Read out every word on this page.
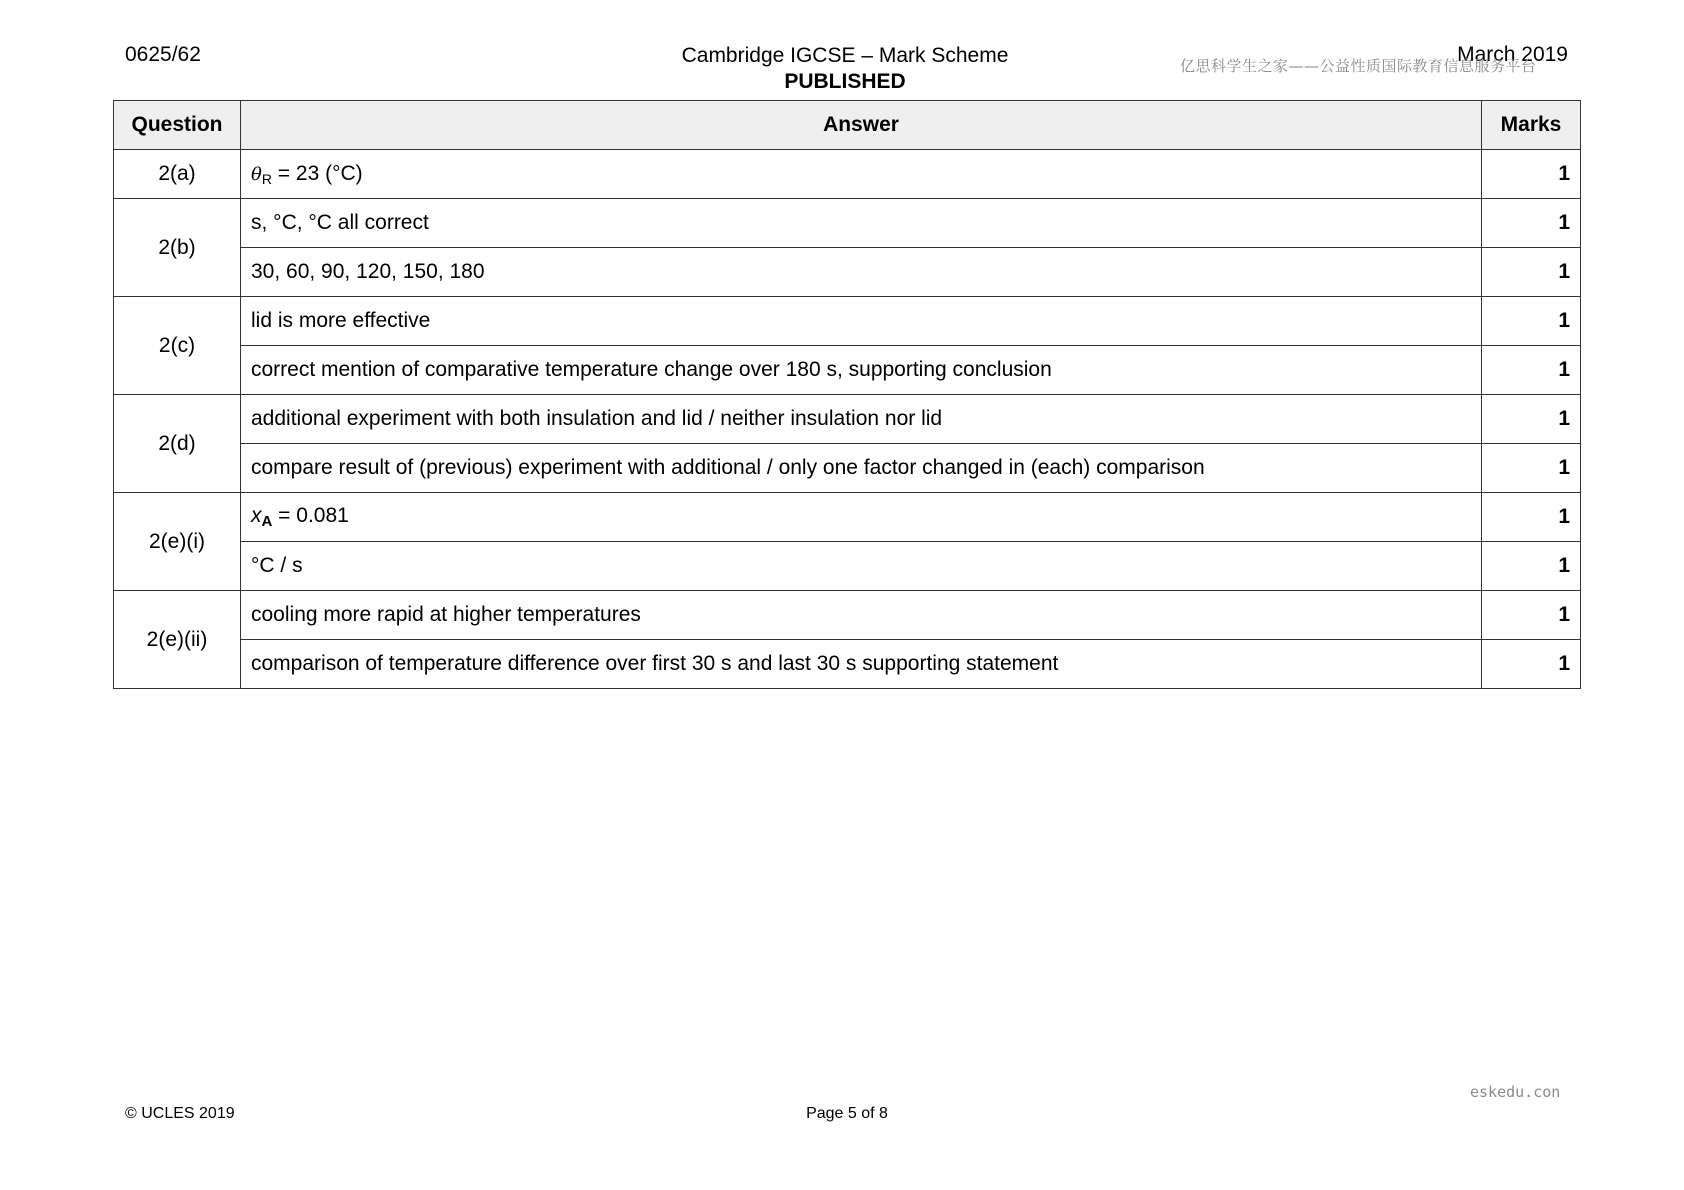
0625/62	Cambridge IGCSE – Mark Scheme
PUBLISHED
March 2019
亿思科学生之家——公益性质国际教育信息服务平台
Question	Answer	Marks
2(a)	θR = 23 (°C)	1
2(b)	s, °C, °C all correct	1
	30, 60, 90, 120, 150, 180	1
2(c)	lid is more effective	1
	correct mention of comparative temperature change over 180 s, supporting conclusion	1
2(d)	additional experiment with both insulation and lid / neither insulation nor lid	1
	compare result of (previous) experiment with additional / only one factor changed in (each) comparison	1
2(e)(i)	xA = 0.081	1
	°C / s	1
2(e)(ii)	cooling more rapid at higher temperatures	1
	comparison of temperature difference over first 30 s and last 30 s supporting statement	1
eskedu.con
© UCLES 2019	Page 5 of 8
